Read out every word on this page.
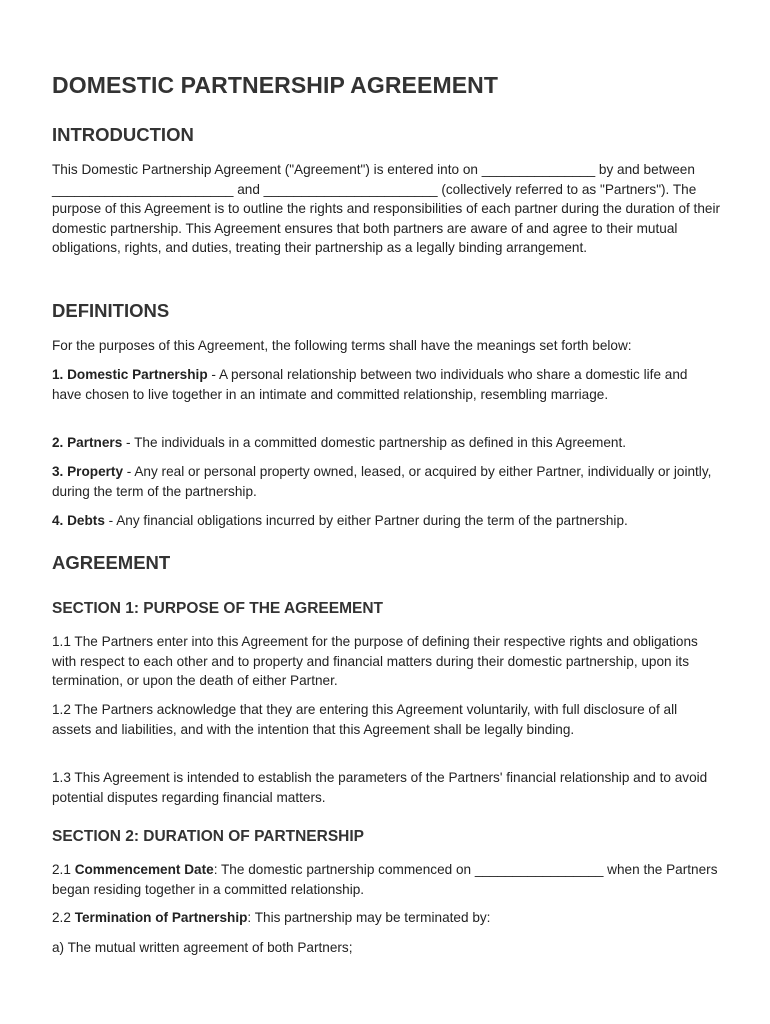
DOMESTIC PARTNERSHIP AGREEMENT
INTRODUCTION

This Domestic Partnership Agreement ("Agreement") is entered into on _______________ by and between ________________________ and _______________________ (collectively referred to as "Partners"). The purpose of this Agreement is to outline the rights and responsibilities of each partner during the duration of their domestic partnership. This Agreement ensures that both partners are aware of and agree to their mutual obligations, rights, and duties, treating their partnership as a legally binding arrangement.

DEFINITIONS

For the purposes of this Agreement, the following terms shall have the meanings set forth below:

1. Domestic Partnership - A personal relationship between two individuals who share a domestic life and have chosen to live together in an intimate and committed relationship, resembling marriage.

2. Partners - The individuals in a committed domestic partnership as defined in this Agreement.

3. Property - Any real or personal property owned, leased, or acquired by either Partner, individually or jointly, during the term of the partnership.

4. Debts - Any financial obligations incurred by either Partner during the term of the partnership.

AGREEMENT
SECTION 1: PURPOSE OF THE AGREEMENT

1.1 The Partners enter into this Agreement for the purpose of defining their respective rights and obligations with respect to each other and to property and financial matters during their domestic partnership, upon its termination, or upon the death of either Partner.

1.2 The Partners acknowledge that they are entering this Agreement voluntarily, with full disclosure of all assets and liabilities, and with the intention that this Agreement shall be legally binding.

1.3 This Agreement is intended to establish the parameters of the Partners' financial relationship and to avoid potential disputes regarding financial matters.

SECTION 2: DURATION OF PARTNERSHIP

2.1 Commencement Date: The domestic partnership commenced on _________________ when the Partners began residing together in a committed relationship.

2.2 Termination of Partnership: This partnership may be terminated by:

a) The mutual written agreement of both Partners;
